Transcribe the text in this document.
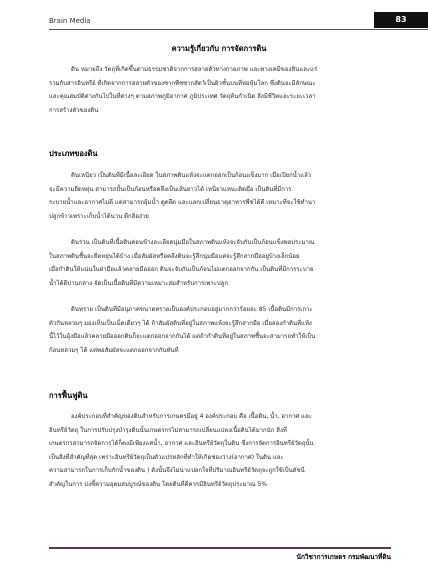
Brain Media	83
ความรู้เกี่ยวกับ การจัดการดิน
ดิน หมายถึง วัตถุที่เกิดขึ้นตามธรรมชาติจากการสลายตัวทางกายภาพ และทางเคมีของหินและแร่
รวมกับสารอินทรีย์ ที่เกิดจากการสลายตัวของซากพืชซากสัตว์เป็นผิวชั้นบนที่ห่อหุ้มโลก ซึ่งดินจะมีลักษณะ
และคุณสมบัติต่างกันไปในที่ต่างๆ ตามสภาพภูมิอากาศ ภูมิประเทศ วัตถุต้นกำเนิด สิ่งมีชีวิตและระยะเวลา
การสร้างตัวของดิน
ประเภทของดิน
ดินเหนียว เป็นดินที่มีเนื้อละเอียด ในสภาพดินแห้งจะแตกออกเป็นก้อนแข็งมาก เมื่อเปียกน้ำแล้ว
จะมีความยืดหยุ่น สามารถปั้นเป็นก้อนหรือคลึงเป็นเส้นยาวได้ เหนียวแหนะติดมือ เป็นดินที่มีการ
ระบายน้ำและอากาศไม่ดี แต่สามารถอุ้มน้ำ ดูดยึด และแลกเปลี่ยนธาตุอาหารพืชได้ดี เหมาะที่จะใช้ทำนา
ปลูกข้าวเพราะเก็บน้ำได้นาน ดีกลิ่อง่าย
ดินร่วน เป็นดินที่เนื้อดินค่อนข้างละเอียดนุ่มมือในสภาพดินแห้งจะจับกันเป็นก้อนแข็งพอประมาณ
ในสภาพดินชื้นจะยืดหยุ่นได้บ้าง เมื่อสัมผัสหรือคลึงดินจะรู้สึกนุ่มมือแต่จะรู้สึกสากมืออยู่บ้างเล็กน้อย
เมื่อกำดินให้แน่นในฝ่ามือแล้วคลายมือออก ดินจะจับกันเป็นก้อนไม่แตกออกจากกัน เป็นดินที่มีการระบาย
น้ำได้ดีปานกลาง จัดเป็นเนื้อดินที่มีความเหมาะสมสำหรับการเพาะปลูก
ดินทราย เป็นดินที่มีอนุภาคขนาดทรายเป็นองค์ประกอบอยู่มากกว่าร้อยละ 85 เนื้อดินมีการเกาะ
ตัวกันหลวมๆ มองเห็นเป็นเม็ดเดี่ยวๆ ได้ ถ้าสัมผัสดินที่อยู่ในสภาพแห้งจะรู้สึกสากมือ เมื่อลองกำดินที่แห้ง
นี้ไว้ในอุ้งมือแล้วคลายมือออกดินก็จะแตกออกจากกันได้ แต่ถ้ากำดินที่อยู่ในสภาพชื้นจะสามารถทำให้เป็น
ก้อนหลวมๆ ได้ แต่พอสัมผัสจะแตกออกจากกันทันที
การฟื้นฟูดิน
องค์ประกอบที่สำคัญของดินสำหรับการเกษตรมีอยู่ 4 องค์ประกอบ คือ เนื้อดิน, น้ำ, อากาศ และ
อินทรีย์วัตถุ ในการปรับปรุงบำรุงดินนั้นเกษตรกรไม่สามารถเปลี่ยนแปลงเนื้อดินได้มากนัก สิ่งที่
เกษตรกรสามารถจัดการได้ก็คงมีเพียงแค่น้ำ, อากาศ และอินทรีย์วัตถุในดิน ซึ่งการจัดการอินทรีย์วัตถุนั้น
เป็นสิ่งที่สำคัญที่สุด เพราะอินทรีย์วัตถุเป็นตัวแปรหลักที่ทำให้เกิดช่องว่าง(อากาศ) ในดิน และ
ความสามารถในการเก็บกักน้ำของดิน ) ดังนั้นจึงไม่น่าแปลกใจที่ปริมาณอินทรีย์วัตถุจะถูกใช้เป็นดัชนี
สำคัญในการ บ่งชี้ความอุดมสมบูรณ์ของดิน โดยดินที่ดีควรมีอินทรีย์วัตถุประมาณ 5%
นักวิชาการเกษตร กรมพัฒนาที่ดิน
